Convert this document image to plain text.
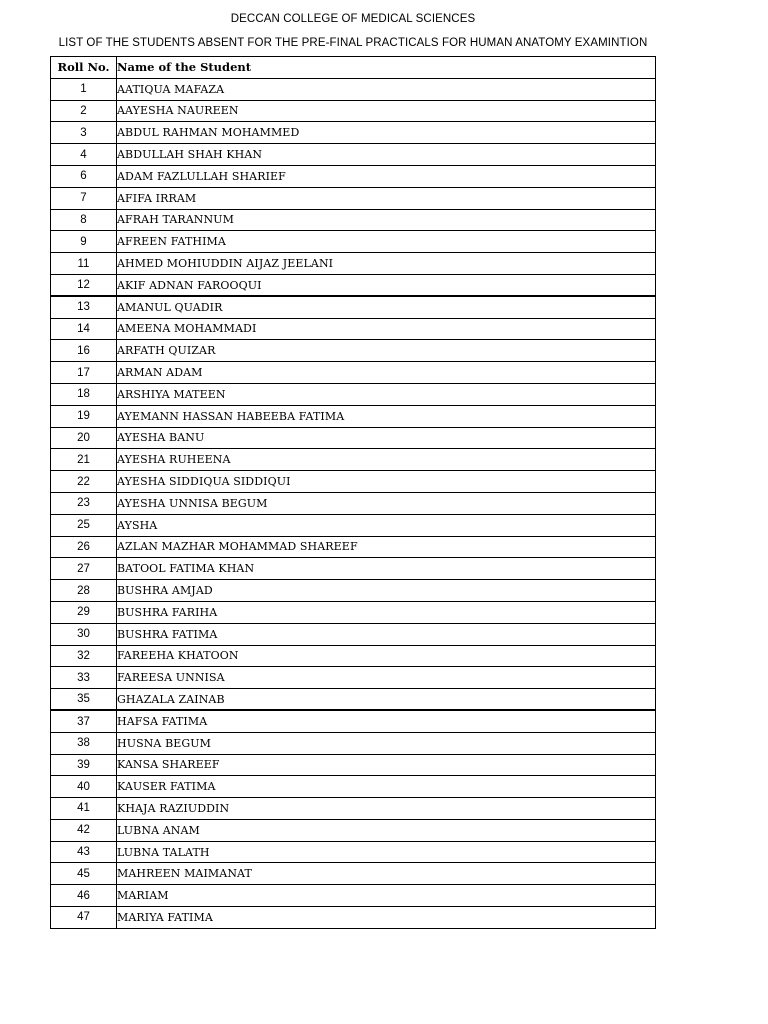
DECCAN COLLEGE OF MEDICAL SCIENCES
LIST OF THE STUDENTS ABSENT FOR THE PRE-FINAL PRACTICALS FOR HUMAN ANATOMY EXAMINTION
Roll No.	Name of the Student
1	AATIQUA MAFAZA
2	AAYESHA NAUREEN
3	ABDUL RAHMAN MOHAMMED
4	ABDULLAH SHAH KHAN
6	ADAM FAZLULLAH SHARIEF
7	AFIFA IRRAM
8	AFRAH TARANNUM
9	AFREEN FATHIMA
11	AHMED MOHIUDDIN AIJAZ JEELANI
12	AKIF ADNAN FAROOQUI
13	AMANUL QUADIR
14	AMEENA MOHAMMADI
16	ARFATH QUIZAR
17	ARMAN ADAM
18	ARSHIYA MATEEN
19	AYEMANN HASSAN HABEEBA FATIMA
20	AYESHA BANU
21	AYESHA RUHEENA
22	AYESHA SIDDIQUA SIDDIQUI
23	AYESHA UNNISA BEGUM
25	AYSHA
26	AZLAN MAZHAR MOHAMMAD SHAREEF
27	BATOOL FATIMA KHAN
28	BUSHRA AMJAD
29	BUSHRA FARIHA
30	BUSHRA FATIMA
32	FAREEHA KHATOON
33	FAREESA UNNISA
35	GHAZALA ZAINAB
37	HAFSA FATIMA
38	HUSNA BEGUM
39	KANSA SHAREEF
40	KAUSER FATIMA
41	KHAJA RAZIUDDIN
42	LUBNA ANAM
43	LUBNA TALATH
45	MAHREEN MAIMANAT
46	MARIAM
47	MARIYA FATIMA
